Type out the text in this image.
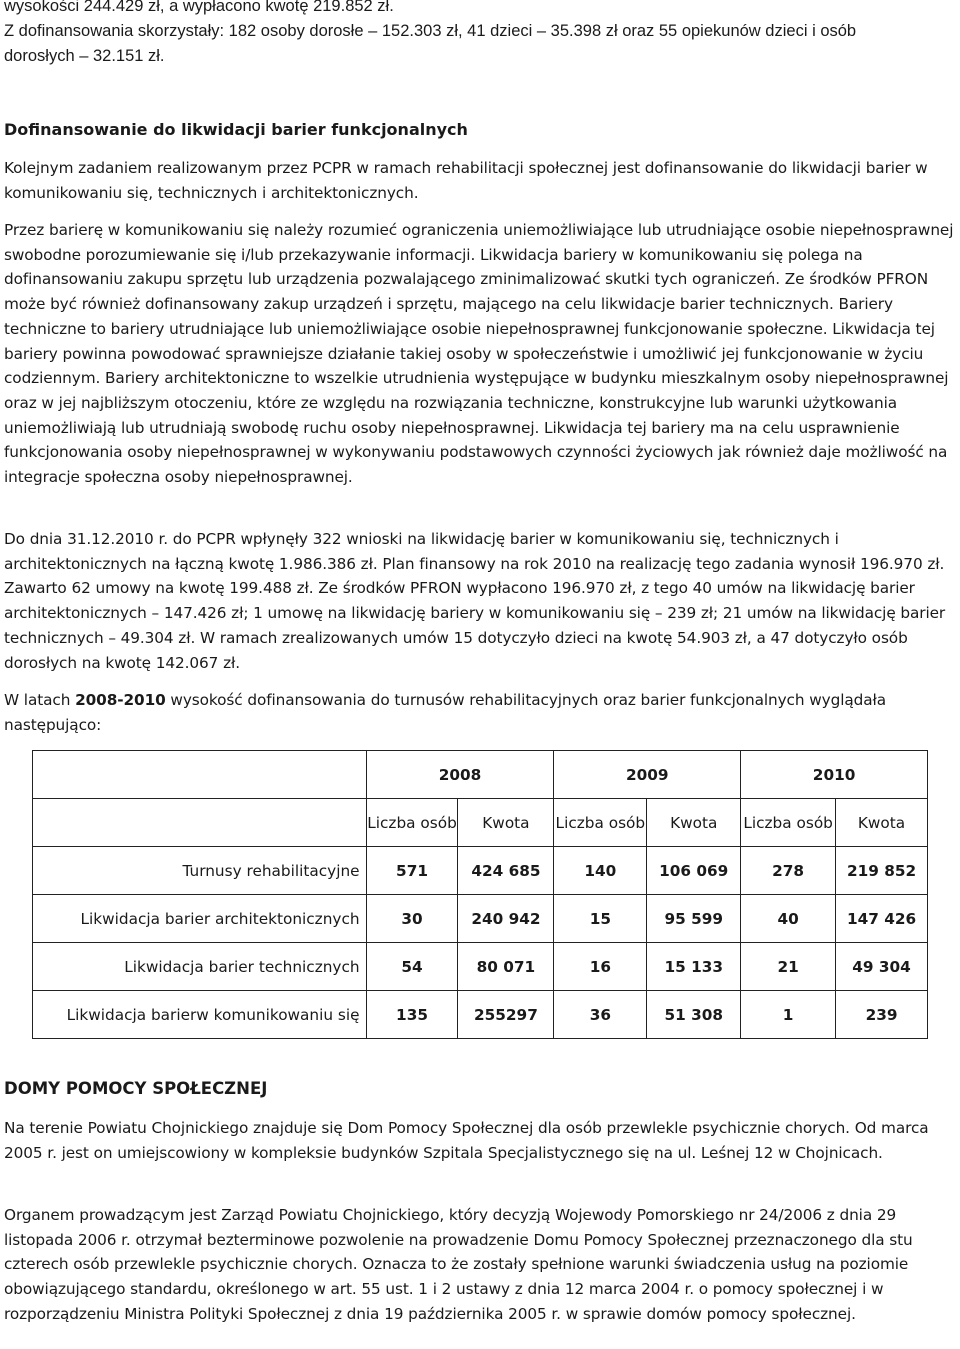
wysokości 244.429 zł, a wypłacono kwotę 219.852 zł.
Z dofinansowania skorzystały: 182 osoby dorosłe – 152.303 zł, 41 dzieci – 35.398 zł oraz 55 opiekunów dzieci i osób
dorosłych – 32.151 zł.
Dofinansowanie do likwidacji barier funkcjonalnych
Kolejnym zadaniem realizowanym przez PCPR w ramach rehabilitacji społecznej jest dofinansowanie do likwidacji barier w komunikowaniu się, technicznych i architektonicznych.
Przez barierę w komunikowaniu się należy rozumieć ograniczenia uniemożliwiające lub utrudniające osobie niepełnosprawnej swobodne porozumiewanie się i/lub przekazywanie informacji. Likwidacja bariery w komunikowaniu się polega na dofinansowaniu zakupu sprzętu lub urządzenia pozwalającego zminimalizować skutki tych ograniczeń. Ze środków PFRON może być również dofinansowany zakup urządzeń i sprzętu, mającego na celu likwidacje barier technicznych. Bariery techniczne to bariery utrudniające lub uniemożliwiające osobie niepełnosprawnej funkcjonowanie społeczne. Likwidacja tej bariery powinna powodować sprawniejsze działanie takiej osoby w społeczeństwie i umożliwić jej funkcjonowanie w życiu codziennym. Bariery architektoniczne to wszelkie utrudnienia występujące w budynku mieszkalnym osoby niepełnosprawnej oraz w jej najbliższym otoczeniu, które ze względu na rozwiązania techniczne, konstrukcyjne lub warunki użytkowania uniemożliwiają lub utrudniają swobodę ruchu osoby niepełnosprawnej. Likwidacja tej bariery ma na celu usprawnienie funkcjonowania osoby niepełnosprawnej w wykonywaniu podstawowych czynności życiowych jak również daje możliwość na integracje społeczna osoby niepełnosprawnej.
Do dnia 31.12.2010 r. do PCPR wpłynęły 322 wnioski na likwidację barier w komunikowaniu się, technicznych i architektonicznych na łączną kwotę 1.986.386 zł. Plan finansowy na rok 2010 na realizację tego zadania wynosił 196.970 zł. Zawarto 62 umowy na kwotę 199.488 zł. Ze środków PFRON wypłacono 196.970 zł, z tego 40 umów na likwidację barier architektonicznych – 147.426 zł; 1 umowę na likwidację bariery w komunikowaniu się – 239 zł; 21 umów na likwidację barier technicznych – 49.304 zł. W ramach zrealizowanych umów 15 dotyczyło dzieci na kwotę 54.903 zł, a 47 dotyczyło osób dorosłych na kwotę 142.067 zł.
W latach 2008-2010 wysokość dofinansowania do turnusów rehabilitacyjnych oraz barier funkcjonalnych wyglądała następująco:
	2008		2009		2010	
	Liczba osób	Kwota	Liczba osób	Kwota	Liczba osób	Kwota
Turnusy rehabilitacyjne	571	424 685	140	106 069	278	219 852
Likwidacja barier architektonicznych	30	240 942	15	95 599	40	147 426
Likwidacja barier technicznych	54	80 071	16	15 133	21	49 304
Likwidacja barierw komunikowaniu się	135	255297	36	51 308	1	239
DOMY POMOCY SPOŁECZNEJ
Na terenie Powiatu Chojnickiego znajduje się Dom Pomocy Społecznej dla osób przewlekle psychicznie chorych. Od marca 2005 r. jest on umiejscowiony w kompleksie budynków Szpitala Specjalistycznego się na ul. Leśnej 12 w Chojnicach.
Organem prowadzącym jest Zarząd Powiatu Chojnickiego, który decyzją Wojewody Pomorskiego nr 24/2006 z dnia 29 listopada 2006 r. otrzymał bezterminowe pozwolenie na prowadzenie Domu Pomocy Społecznej przeznaczonego dla stu czterech osób przewlekle psychicznie chorych. Oznacza to że zostały spełnione warunki świadczenia usług na poziomie obowiązującego standardu, określonego w art. 55 ust. 1 i 2 ustawy z dnia 12 marca 2004 r. o pomocy społecznej i w rozporządzeniu Ministra Polityki Społecznej z dnia 19 października 2005 r. w sprawie domów pomocy społecznej.
